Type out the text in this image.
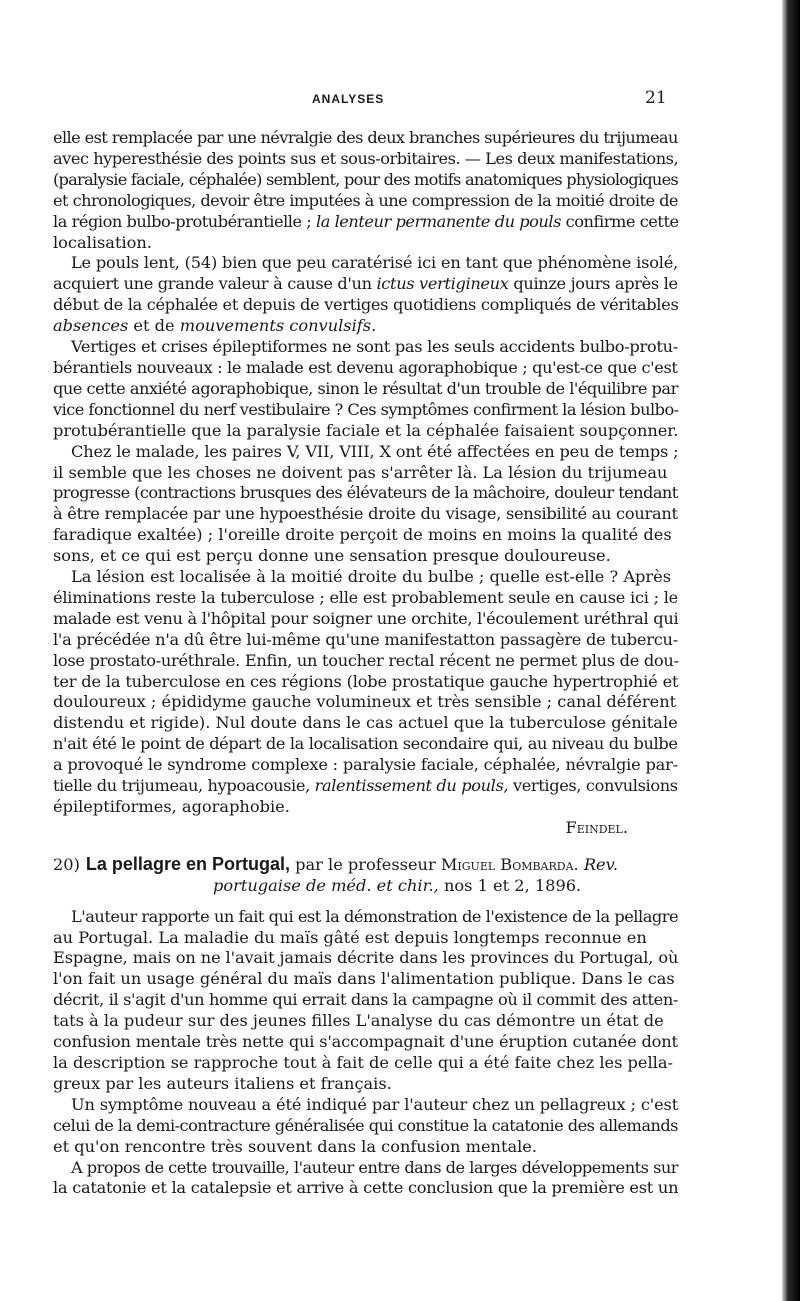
ANALYSES	21
elle est remplacée par une névralgie des deux branches supérieures du trijumeau
avec hyperesthésie des points sus et sous-orbitaires. — Les deux manifestations,
(paralysie faciale, céphalée) semblent, pour des motifs anatomiques physiologiques
et chronologiques, devoir être imputées à une compression de la moitié droite de
la région bulbo-protubérantielle ; la lenteur permanente du pouls confirme cette
localisation.
Le pouls lent, (54) bien que peu caratérisé ici en tant que phénomène isolé,
acquiert une grande valeur à cause d'un ictus vertigineux quinze jours après le
début de la céphalée et depuis de vertiges quotidiens compliqués de véritables
absences et de mouvements convulsifs.
Vertiges et crises épileptiformes ne sont pas les seuls accidents bulbo-protu-
bérantiels nouveaux : le malade est devenu agoraphobique ; qu'est-ce que c'est
que cette anxiété agoraphobique, sinon le résultat d'un trouble de l'équilibre par
vice fonctionnel du nerf vestibulaire ? Ces symptômes confirment la lésion bulbo-
protubérantielle que la paralysie faciale et la céphalée faisaient soupçonner.
Chez le malade, les paires V, VII, VIII, X ont été affectées en peu de temps ;
il semble que les choses ne doivent pas s'arrêter là. La lésion du trijumeau
progresse (contractions brusques des élévateurs de la mâchoire, douleur tendant
à être remplacée par une hypoesthésie droite du visage, sensibilité au courant
faradique exaltée) ; l'oreille droite perçoit de moins en moins la qualité des
sons, et ce qui est perçu donne une sensation presque douloureuse.
La lésion est localisée à la moitié droite du bulbe ; quelle est-elle ? Après
éliminations reste la tuberculose ; elle est probablement seule en cause ici ; le
malade est venu à l'hôpital pour soigner une orchite, l'écoulement uréthral qui
l'a précédée n'a dû être lui-même qu'une manifestatton passagère de tubercu-
lose prostato-uréthrale. Enfin, un toucher rectal récent ne permet plus de dou-
ter de la tuberculose en ces régions (lobe prostatique gauche hypertrophié et
douloureux ; épididyme gauche volumineux et très sensible ; canal déférent
distendu et rigide). Nul doute dans le cas actuel que la tuberculose génitale
n'ait été le point de départ de la localisation secondaire qui, au niveau du bulbe
a provoqué le syndrome complexe : paralysie faciale, céphalée, névralgie par-
tielle du trijumeau, hypoacousie, ralentissement du pouls, vertiges, convulsions
épileptiformes, agoraphobie.
Feindel.
20) La pellagre en Portugal, par le professeur Miguel Bombarda. Rev.
portugaise de méd. et chir., nos 1 et 2, 1896.
L'auteur rapporte un fait qui est la démonstration de l'existence de la pellagre
au Portugal. La maladie du maïs gâté est depuis longtemps reconnue en
Espagne, mais on ne l'avait jamais décrite dans les provinces du Portugal, où
l'on fait un usage général du maïs dans l'alimentation publique. Dans le cas
décrit, il s'agit d'un homme qui errait dans la campagne où il commit des atten-
tats à la pudeur sur des jeunes filles L'analyse du cas démontre un état de
confusion mentale très nette qui s'accompagnait d'une éruption cutanée dont
la description se rapproche tout à fait de celle qui a été faite chez les pella-
greux par les auteurs italiens et français.
Un symptôme nouveau a été indiqué par l'auteur chez un pellagreux ; c'est
celui de la demi-contracture généralisée qui constitue la catatonie des allemands
et qu'on rencontre très souvent dans la confusion mentale.
A propos de cette trouvaille, l'auteur entre dans de larges développements sur
la catatonie et la catalepsie et arrive à cette conclusion que la première est un
